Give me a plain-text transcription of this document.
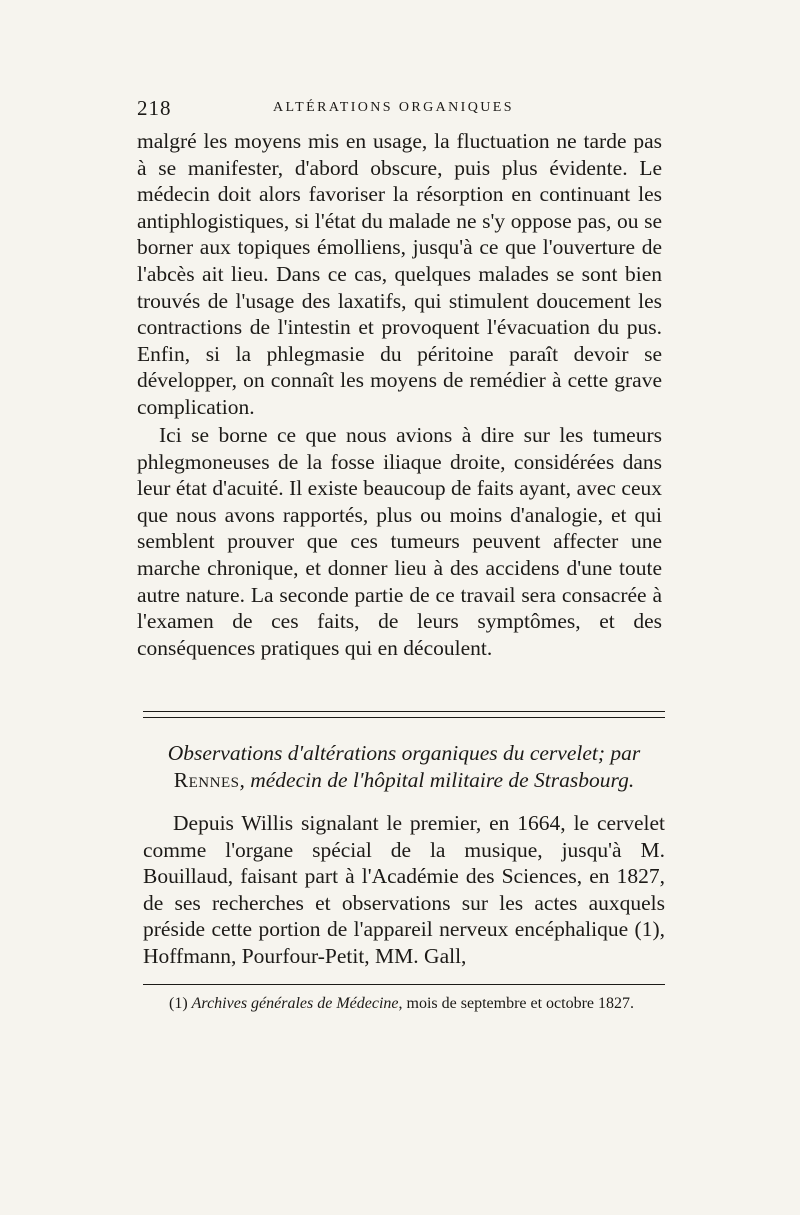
218	ALTÉRATIONS ORGANIQUES

malgré les moyens mis en usage, la fluctuation ne tarde pas à se manifester, d'abord obscure, puis plus évidente. Le médecin doit alors favoriser la résorption en continuant les antiphlogistiques, si l'état du malade ne s'y oppose pas, ou se borner aux topiques émolliens, jusqu'à ce que l'ouverture de l'abcès ait lieu. Dans ce cas, quelques malades se sont bien trouvés de l'usage des laxatifs, qui stimulent doucement les contractions de l'intestin et provoquent l'évacuation du pus. Enfin, si la phlegmasie du péritoine paraît devoir se développer, on connaît les moyens de remédier à cette grave complication.

Ici se borne ce que nous avions à dire sur les tumeurs phlegmoneuses de la fosse iliaque droite, considérées dans leur état d'acuité. Il existe beaucoup de faits ayant, avec ceux que nous avons rapportés, plus ou moins d'analogie, et qui semblent prouver que ces tumeurs peuvent affecter une marche chronique, et donner lieu à des accidens d'une toute autre nature. La seconde partie de ce travail sera consacrée à l'examen de ces faits, de leurs symptômes, et des conséquences pratiques qui en découlent.

Observations d'altérations organiques du cervelet; par
Rennes, médecin de l'hôpital militaire de Strasbourg.

Depuis Willis signalant le premier, en 1664, le cervelet comme l'organe spécial de la musique, jusqu'à M. Bouillaud, faisant part à l'Académie des Sciences, en 1827, de ses recherches et observations sur les actes auxquels préside cette portion de l'appareil nerveux encéphalique (1), Hoffmann, Pourfour-Petit, MM. Gall,

(1) Archives générales de Médecine, mois de septembre et octobre 1827.
